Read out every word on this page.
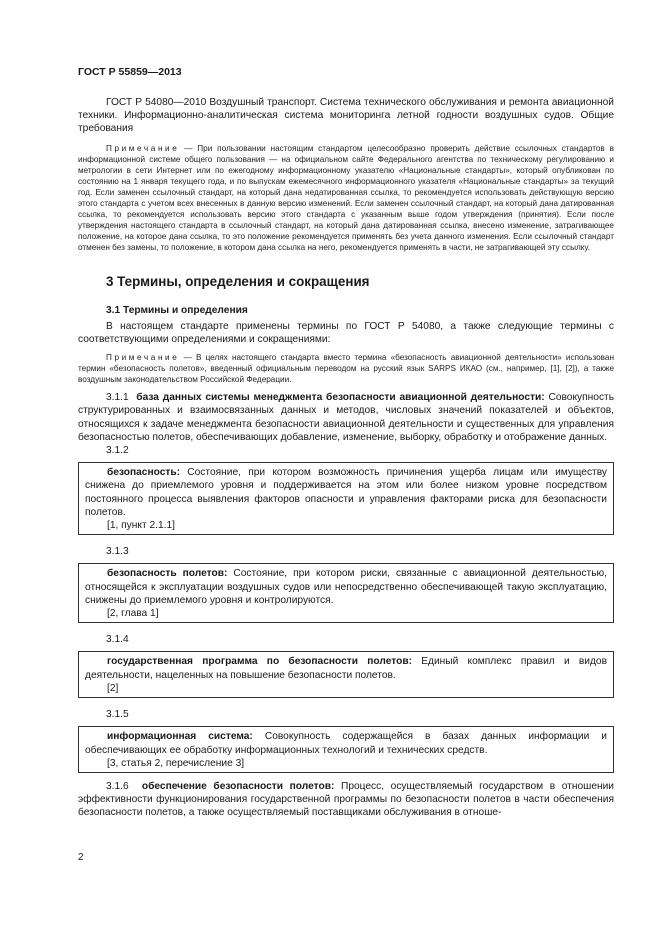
ГОСТ Р 55859—2013

ГОСТ Р 54080—2010 Воздушный транспорт. Система технического обслуживания и ремонта авиационной техники. Информационно-аналитическая система мониторинга летной годности воздушных судов. Общие требования

Примечание — При пользовании настоящим стандартом целесообразно проверить действие ссылочных стандартов в информационной системе общего пользования — на официальном сайте Федерального агентства по техническому регулированию и метрологии в сети Интернет или по ежегодному информационному указателю «Национальные стандарты», который опубликован по состоянию на 1 января текущего года, и по выпускам ежемесячного информационного указателя «Национальные стандарты» за текущий год. Если заменен ссылочный стандарт, на который дана недатированная ссылка, то рекомендуется использовать действующую версию этого стандарта с учетом всех внесенных в данную версию изменений. Если заменен ссылочный стандарт, на который дана датированная ссылка, то рекомендуется использовать версию этого стандарта с указанным выше годом утверждения (принятия). Если после утверждения настоящего стандарта в ссылочный стандарт, на который дана датированная ссылка, внесено изменение, затрагивающее положение, на которое дана ссылка, то это положение рекомендуется применять без учета данного изменения. Если ссылочный стандарт отменен без замены, то положение, в котором дана ссылка на него, рекомендуется применять в части, не затрагивающей эту ссылку.

3 Термины, определения и сокращения
3.1 Термины и определения

В настоящем стандарте применены термины по ГОСТ Р 54080, а также следующие термины с соответствующими определениями и сокращениями:

Примечание — В целях настоящего стандарта вместо термина «безопасность авиационной деятельности» использован термин «безопасность полетов», введенный официальным переводом на русский язык SARPS ИКАО (см., например, [1], [2]), а также воздушным законодательством Российской Федерации.

3.1.1 база данных системы менеджмента безопасности авиационной деятельности: Совокупность структурированных и взаимосвязанных данных и методов, числовых значений показателей и объектов, относящихся к задаче менеджмента безопасности авиационной деятельности и существенных для управления безопасностью полетов, обеспечивающих добавление, изменение, выборку, обработку и отображение данных.

3.1.2

безопасность: Состояние, при котором возможность причинения ущерба лицам или имуществу снижена до приемлемого уровня и поддерживается на этом или более низком уровне посредством постоянного процесса выявления факторов опасности и управления факторами риска для безопасности полетов.

[1, пункт 2.1.1]

3.1.3

безопасность полетов: Состояние, при котором риски, связанные с авиационной деятельностью, относящейся к эксплуатации воздушных судов или непосредственно обеспечивающей такую эксплуатацию, снижены до приемлемого уровня и контролируются.

[2, глава 1]

3.1.4

государственная программа по безопасности полетов: Единый комплекс правил и видов деятельности, нацеленных на повышение безопасности полетов.

[2]

3.1.5

информационная система: Совокупность содержащейся в базах данных информации и обеспечивающих ее обработку информационных технологий и технических средств.

[3, статья 2, перечисление 3]

3.1.6 обеспечение безопасности полетов: Процесс, осуществляемый государством в отношении эффективности функционирования государственной программы по безопасности полетов в части обеспечения безопасности полетов, а также осуществляемый поставщиками обслуживания в отноше-

2
